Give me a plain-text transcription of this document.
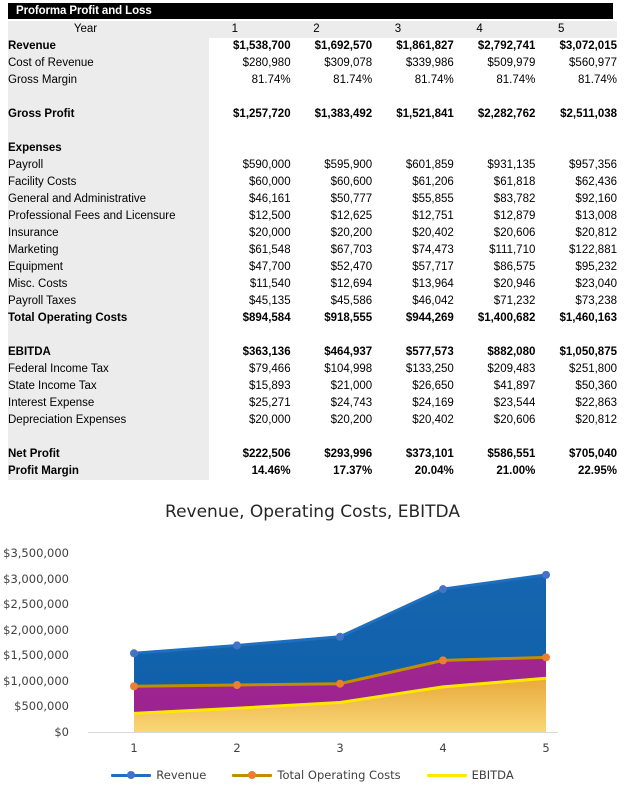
Proforma Profit and Loss
Year	1	2	3	4	5
Revenue	$1,538,700	$1,692,570	$1,861,827	$2,792,741	$3,072,015
Cost of Revenue	$280,980	$309,078	$339,986	$509,979	$560,977
Gross Margin	81.74%	81.74%	81.74%	81.74%	81.74%

Gross Profit	$1,257,720	$1,383,492	$1,521,841	$2,282,762	$2,511,038

Expenses					
Payroll	$590,000	$595,900	$601,859	$931,135	$957,356
Facility Costs	$60,000	$60,600	$61,206	$61,818	$62,436
General and Administrative	$46,161	$50,777	$55,855	$83,782	$92,160
Professional Fees and Licensure	$12,500	$12,625	$12,751	$12,879	$13,008
Insurance	$20,000	$20,200	$20,402	$20,606	$20,812
Marketing	$61,548	$67,703	$74,473	$111,710	$122,881
Equipment	$47,700	$52,470	$57,717	$86,575	$95,232
Misc. Costs	$11,540	$12,694	$13,964	$20,946	$23,040
Payroll Taxes	$45,135	$45,586	$46,042	$71,232	$73,238
Total Operating Costs	$894,584	$918,555	$944,269	$1,400,682	$1,460,163

EBITDA	$363,136	$464,937	$577,573	$882,080	$1,050,875
Federal Income Tax	$79,466	$104,998	$133,250	$209,483	$251,800
State Income Tax	$15,893	$21,000	$26,650	$41,897	$50,360
Interest Expense	$25,271	$24,743	$24,169	$23,544	$22,863
Depreciation Expenses	$20,000	$20,200	$20,402	$20,606	$20,812

Net Profit	$222,506	$293,996	$373,101	$586,551	$705,040
Profit Margin	14.46%	17.37%	20.04%	21.00%	22.95%
Revenue, Operating Costs, EBITDA
$0
$500,000
$1,000,000
$1,500,000
$2,000,000
$2,500,000
$3,000,000
$3,500,000
1	2	3	4	5
Revenue	Total Operating Costs	EBITDA
